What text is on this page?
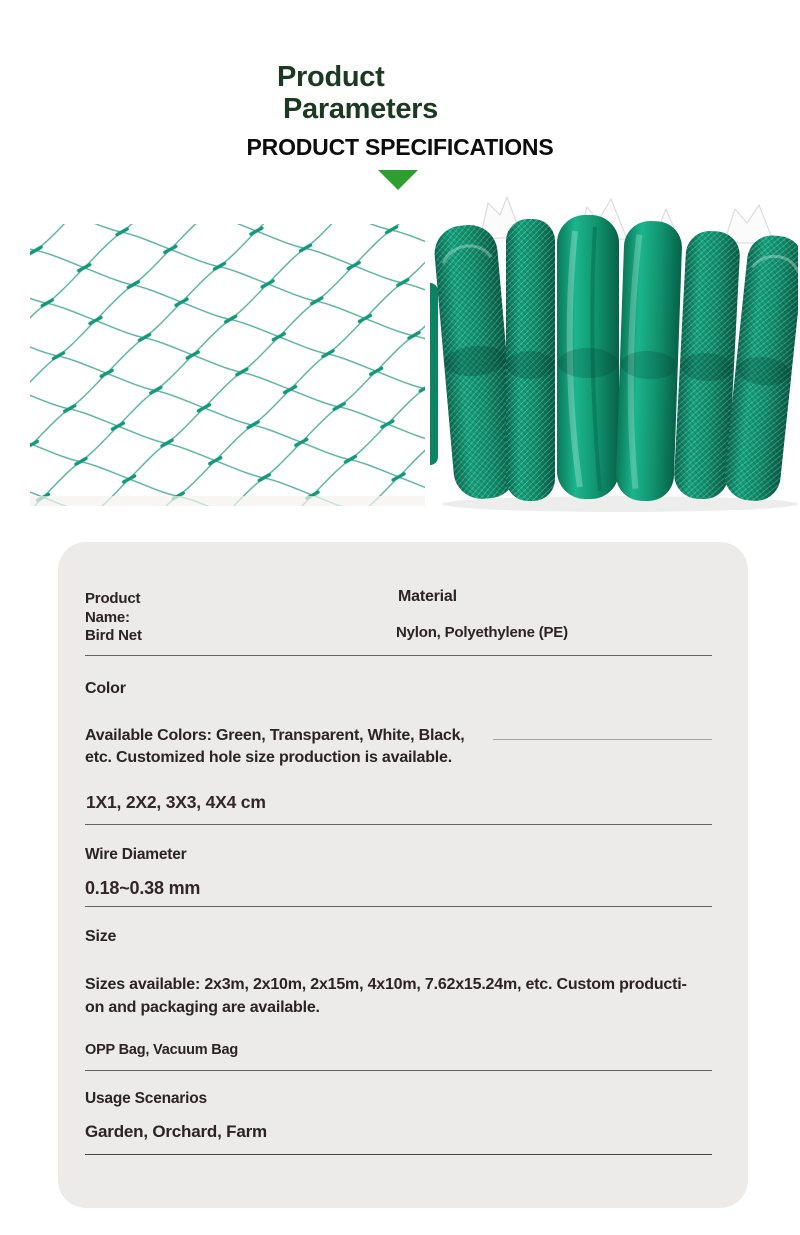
Product
Parameters
PRODUCT SPECIFICATIONS
Product Name:
Bird Net
Material
Nylon, Polyethylene (PE)
Color
Available Colors: Green, Transparent, White, Black,
etc. Customized hole size production is available.
1X1, 2X2, 3X3, 4X4 cm
Wire Diameter
0.18~0.38 mm
Size
Sizes available: 2x3m, 2x10m, 2x15m, 4x10m, 7.62x15.24m, etc. Custom producti-
on and packaging are available.
OPP Bag, Vacuum Bag
Usage Scenarios
Garden, Orchard, Farm
